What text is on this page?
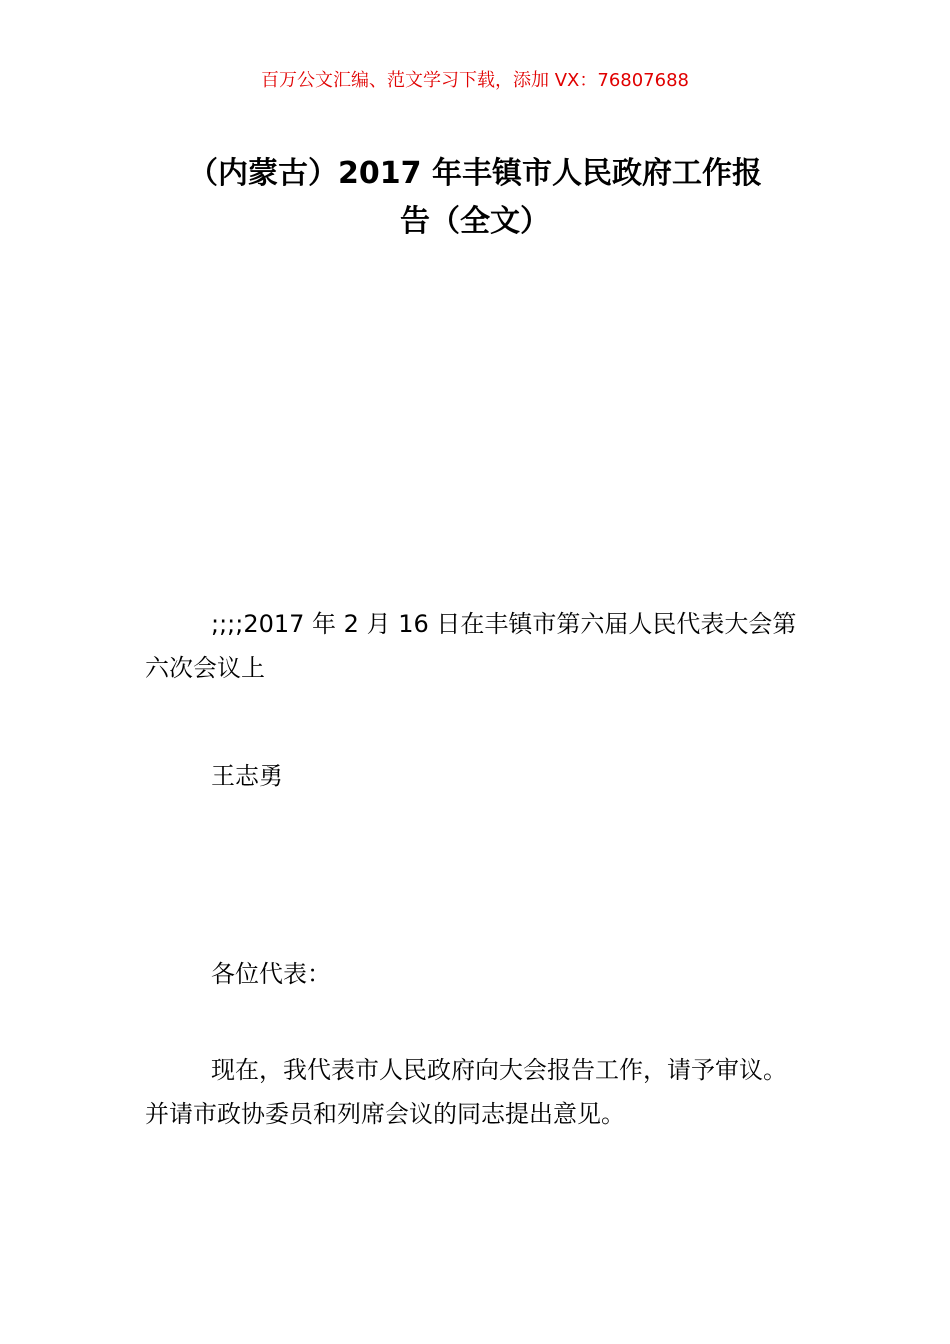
百万公文汇编、范文学习下载，添加 VX：76807688
（内蒙古）2017 年丰镇市人民政府工作报
告（全文）
;;;;2017 年 2 月 16 日在丰镇市第六届人民代表大会第六次会议上
王志勇
各位代表：
现在，我代表市人民政府向大会报告工作，请予审议。并请市政协委员和列席会议的同志提出意见。
